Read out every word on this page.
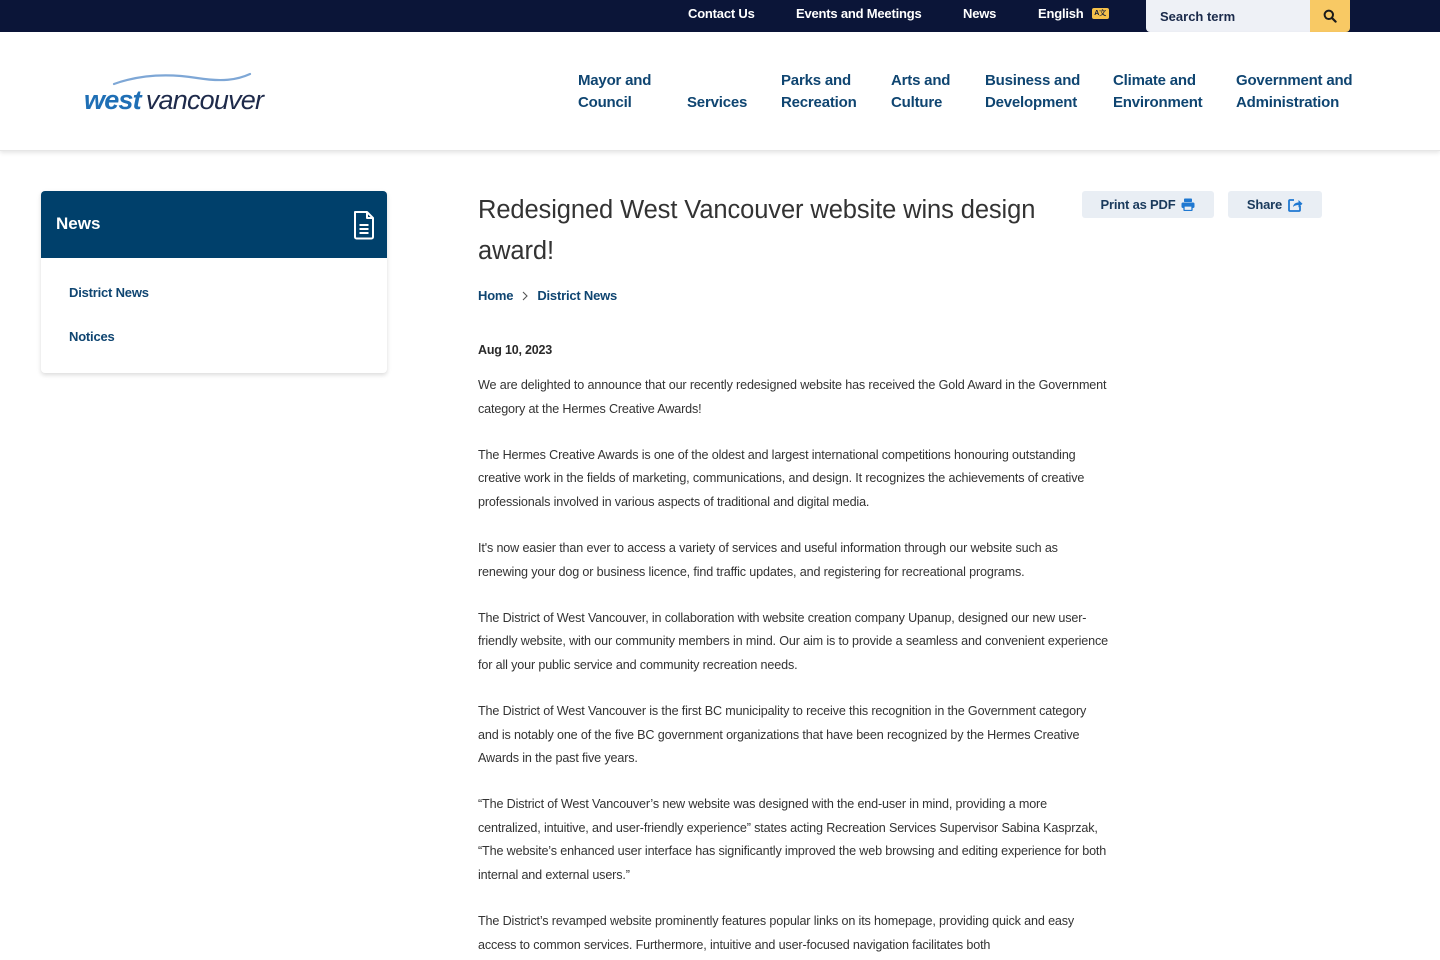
Contact Us	Events and Meetings	News	English A文
Search term
west vancouver
Mayor and
Council	Services
Parks and
Recreation
Arts and
Culture
Business and
Development
Climate and
Environment
Government and
Administration
News
District News
Notices
Redesigned West Vancouver website wins design award!
Print as PDF	Share
Home District News
Aug 10, 2023

We are delighted to announce that our recently redesigned website has received the Gold Award in the Government category at the Hermes Creative Awards!

The Hermes Creative Awards is one of the oldest and largest international competitions honouring outstanding creative work in the fields of marketing, communications, and design. It recognizes the achievements of creative professionals involved in various aspects of traditional and digital media.

It's now easier than ever to access a variety of services and useful information through our website such as renewing your dog or business licence, find traffic updates, and registering for recreational programs.

The District of West Vancouver, in collaboration with website creation company Upanup, designed our new user-friendly website, with our community members in mind. Our aim is to provide a seamless and convenient experience for all your public service and community recreation needs.

The District of West Vancouver is the first BC municipality to receive this recognition in the Government category and is notably one of the five BC government organizations that have been recognized by the Hermes Creative Awards in the past five years.

“The District of West Vancouver’s new website was designed with the end-user in mind, providing a more centralized, intuitive, and user-friendly experience” states acting Recreation Services Supervisor Sabina Kasprzak, “The website’s enhanced user interface has significantly improved the web browsing and editing experience for both internal and external users.”

The District’s revamped website prominently features popular links on its homepage, providing quick and easy access to common services. Furthermore, intuitive and user-focused navigation facilitates both
